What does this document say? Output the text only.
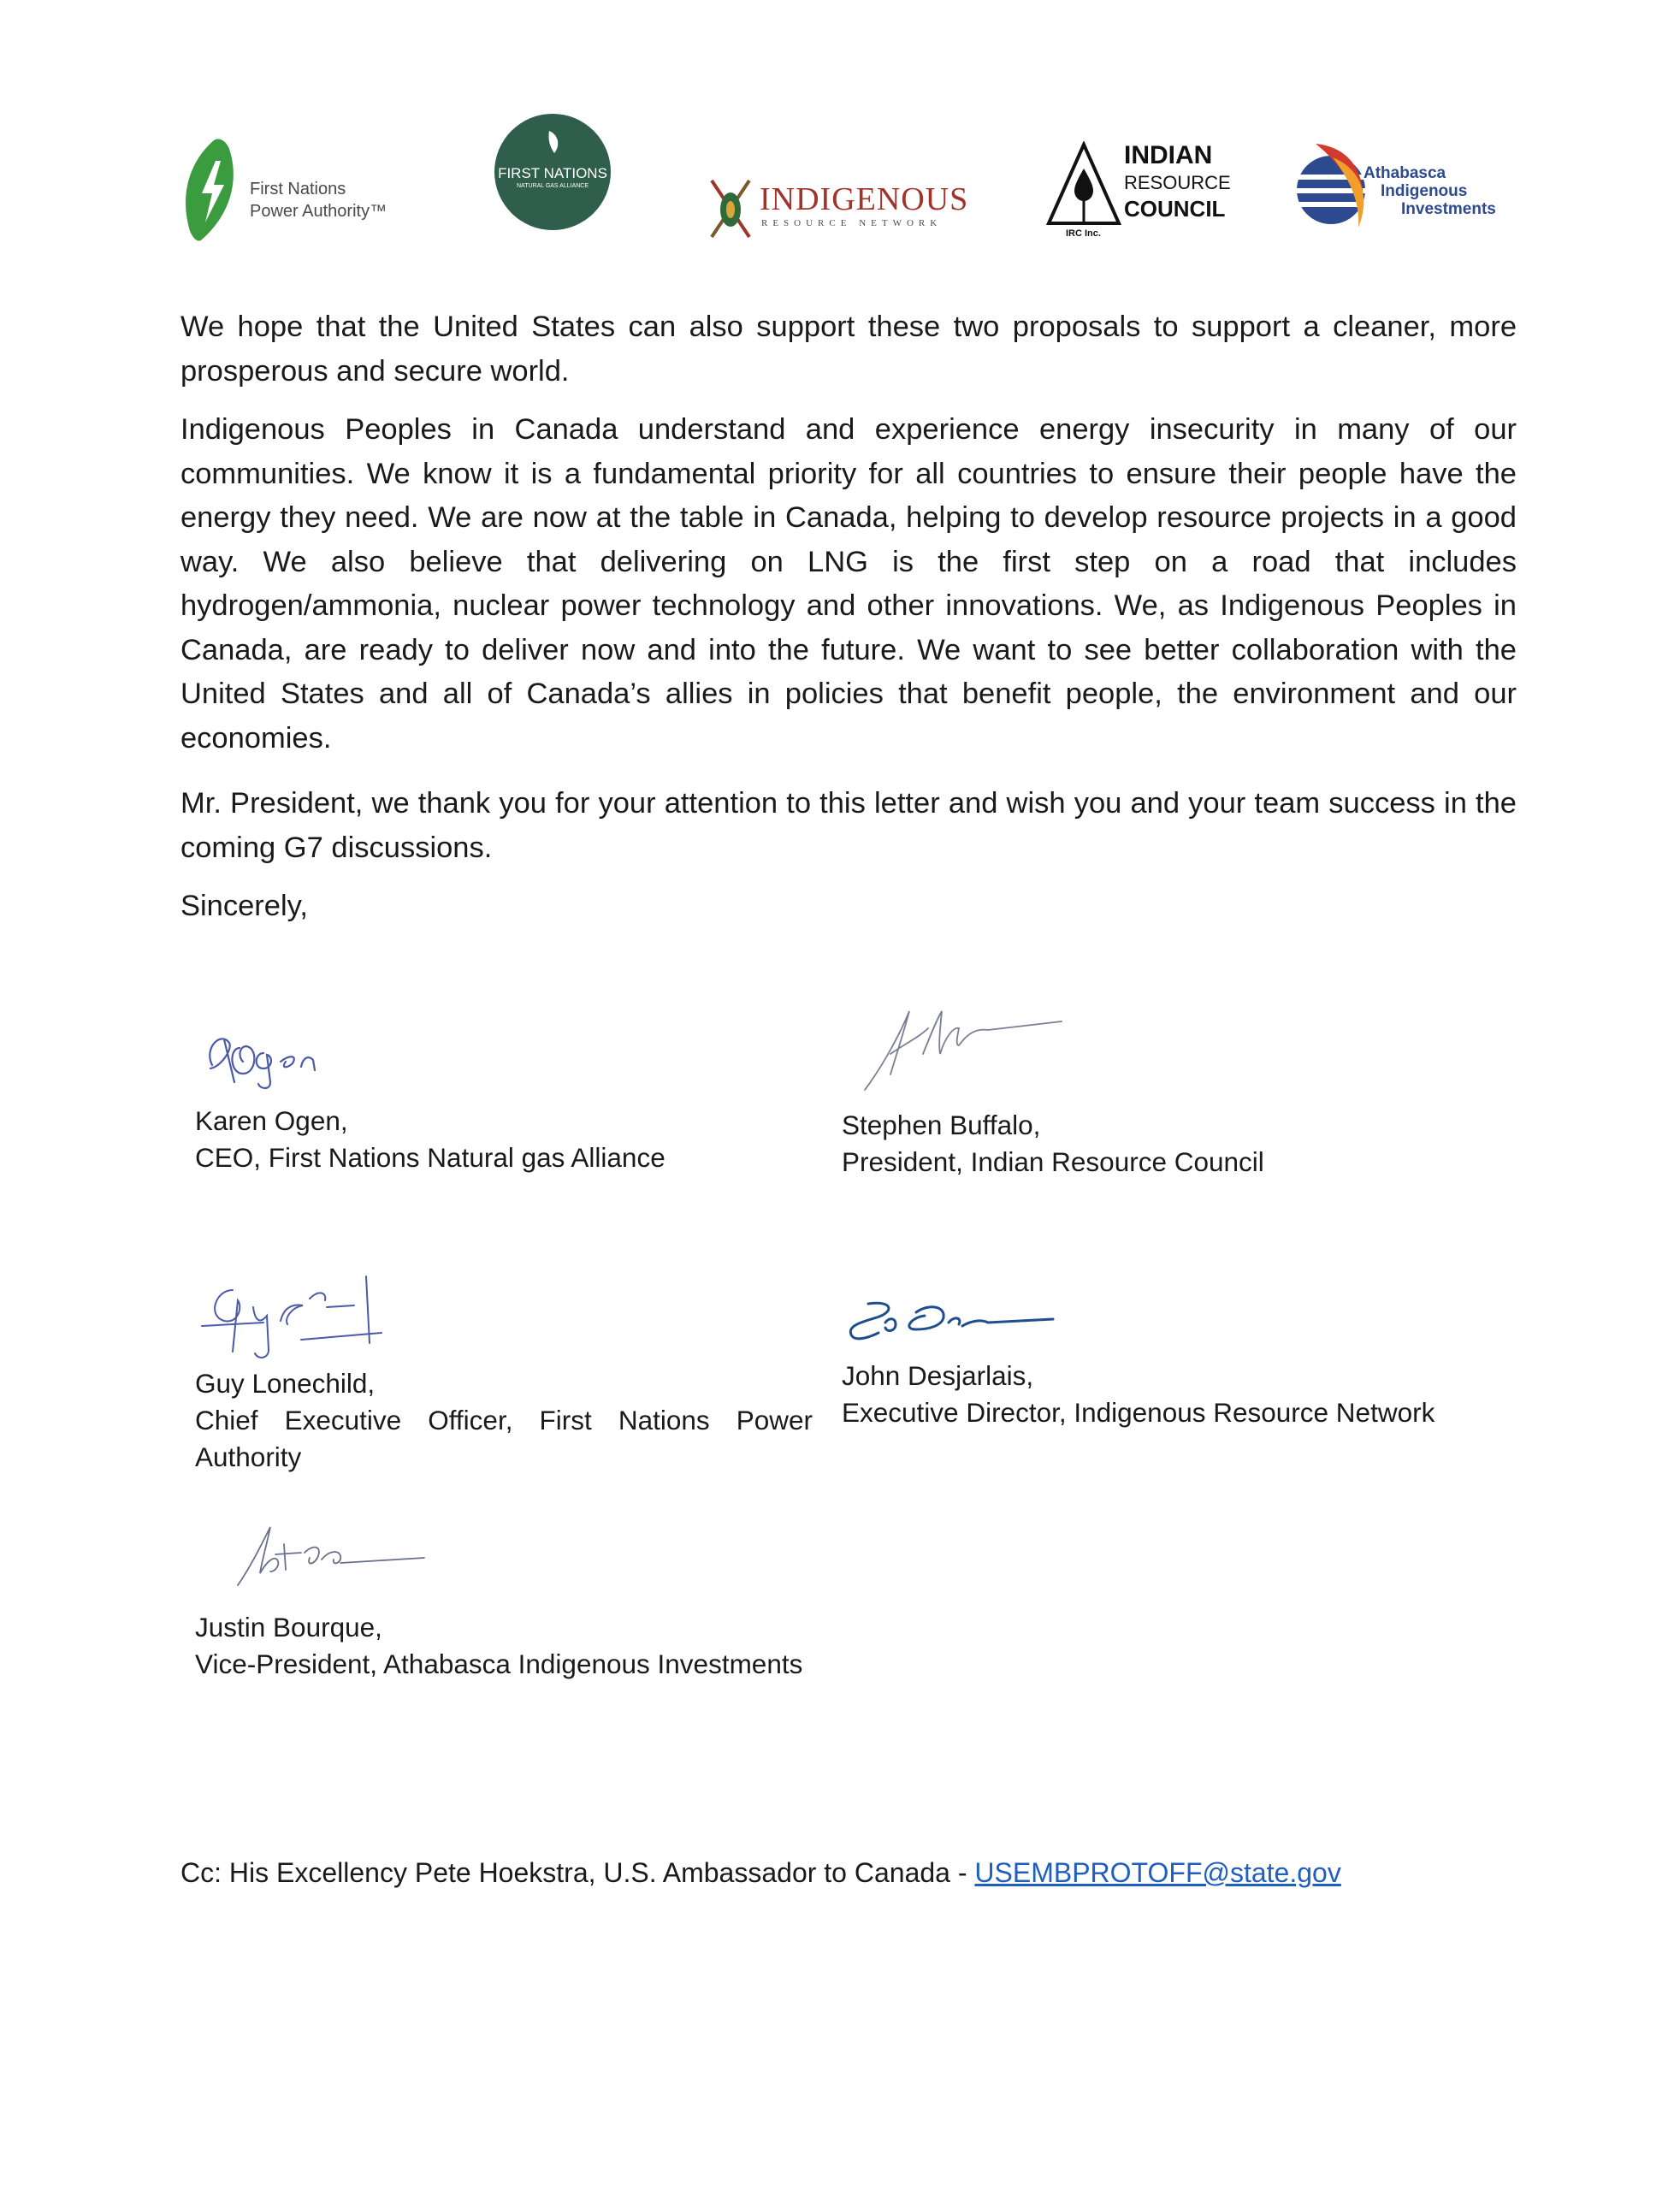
First Nations
Power Authority™
FIRST NATIONS
NATURAL GAS ALLIANCE	INDIGENOUS
RESOURCE NETWORK
INDIAN
RESOURCE
COUNCIL
IRC Inc.
Athabasca
Indigenous
Investments

We hope that the United States can also support these two proposals to support a cleaner, more prosperous and secure world.

Indigenous Peoples in Canada understand and experience energy insecurity in many of our communities. We know it is a fundamental priority for all countries to ensure their people have the energy they need. We are now at the table in Canada, helping to develop resource projects in a good way. We also believe that delivering on LNG is the first step on a road that includes hydrogen/ammonia, nuclear power technology and other innovations. We, as Indigenous Peoples in Canada, are ready to deliver now and into the future. We want to see better collaboration with the United States and all of Canada’s allies in policies that benefit people, the environment and our economies.

Mr. President, we thank you for your attention to this letter and wish you and your team success in the coming G7 discussions.

Sincerely,

Karen Ogen,
CEO, First Nations Natural gas Alliance
Stephen Buffalo,
President, Indian Resource Council
Guy Lonechild,
Chief Executive Officer, First Nations Power Authority
John Desjarlais,
Executive Director, Indigenous Resource Network
Justin Bourque,
Vice-President, Athabasca Indigenous Investments
Cc: His Excellency Pete Hoekstra, U.S. Ambassador to Canada - USEMBPROTOFF@state.gov
